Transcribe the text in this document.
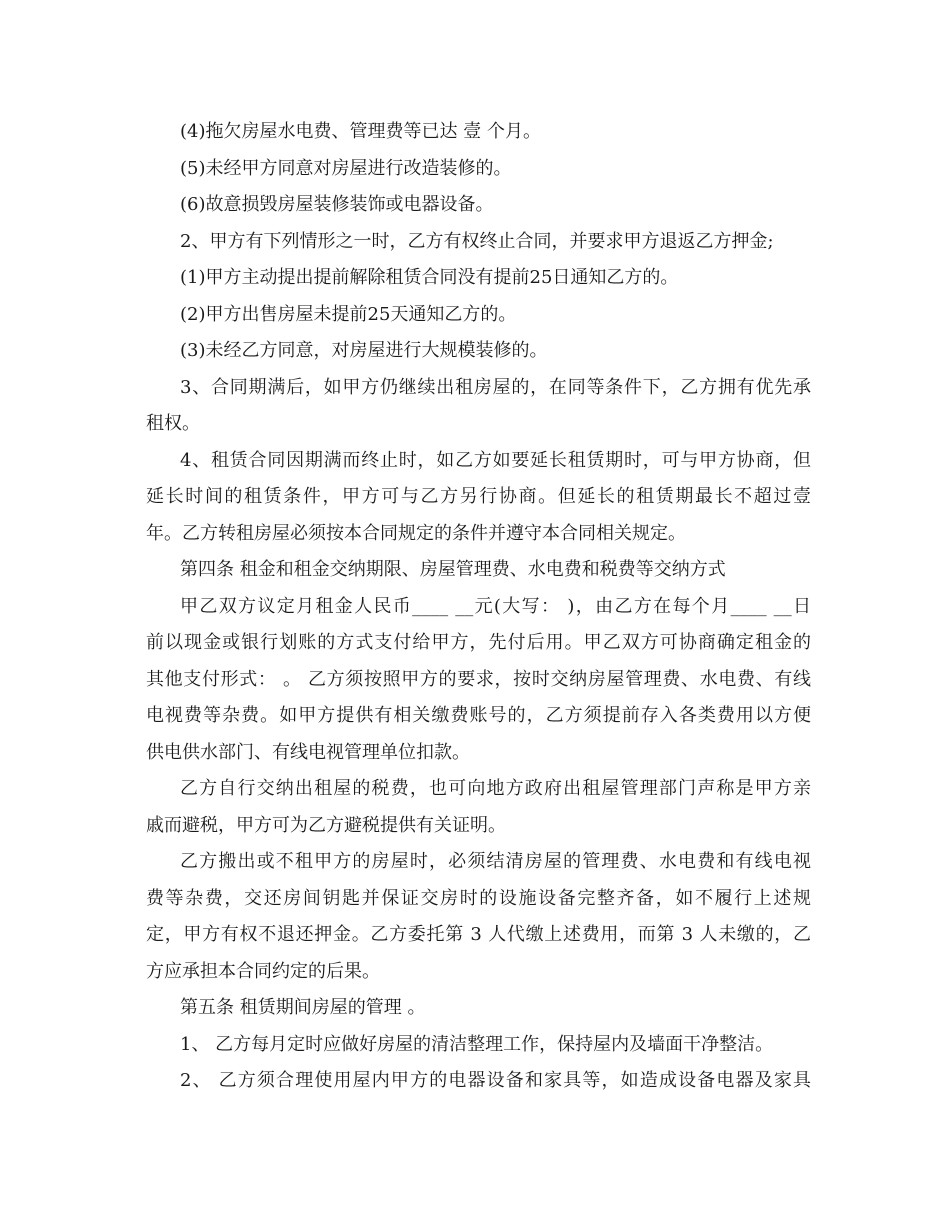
(4)拖欠房屋水电费、管理费等已达 壹 个月。
(5)未经甲方同意对房屋进行改造装修的。
(6)故意损毁房屋装修装饰或电器设备。
2、甲方有下列情形之一时，乙方有权终止合同，并要求甲方退返乙方押金;
(1)甲方主动提出提前解除租赁合同没有提前25日通知乙方的。
(2)甲方出售房屋未提前25天通知乙方的。
(3)未经乙方同意，对房屋进行大规模装修的。
3、合同期满后，如甲方仍继续出租房屋的，在同等条件下，乙方拥有优先承
租权。
4、租赁合同因期满而终止时，如乙方如要延长租赁期时，可与甲方协商，但
延长时间的租赁条件，甲方可与乙方另行协商。但延长的租赁期最长不超过壹
年。乙方转租房屋必须按本合同规定的条件并遵守本合同相关规定。
第四条 租金和租金交纳期限、房屋管理费、水电费和税费等交纳方式
甲乙双方议定月租金人民币____ __元(大写： )，由乙方在每个月____ __日
前以现金或银行划账的方式支付给甲方，先付后用。甲乙双方可协商确定租金的
其他支付形式： 。 乙方须按照甲方的要求，按时交纳房屋管理费、水电费、有线
电视费等杂费。如甲方提供有相关缴费账号的，乙方须提前存入各类费用以方便
供电供水部门、有线电视管理单位扣款。
乙方自行交纳出租屋的税费，也可向地方政府出租屋管理部门声称是甲方亲
戚而避税，甲方可为乙方避税提供有关证明。
乙方搬出或不租甲方的房屋时，必须结清房屋的管理费、水电费和有线电视
费等杂费，交还房间钥匙并保证交房时的设施设备完整齐备，如不履行上述规
定，甲方有权不退还押金。乙方委托第 3 人代缴上述费用，而第 3 人未缴的，乙
方应承担本合同约定的后果。
第五条 租赁期间房屋的管理 。
1、 乙方每月定时应做好房屋的清洁整理工作，保持屋内及墙面干净整洁。
2、 乙方须合理使用屋内甲方的电器设备和家具等，如造成设备电器及家具
